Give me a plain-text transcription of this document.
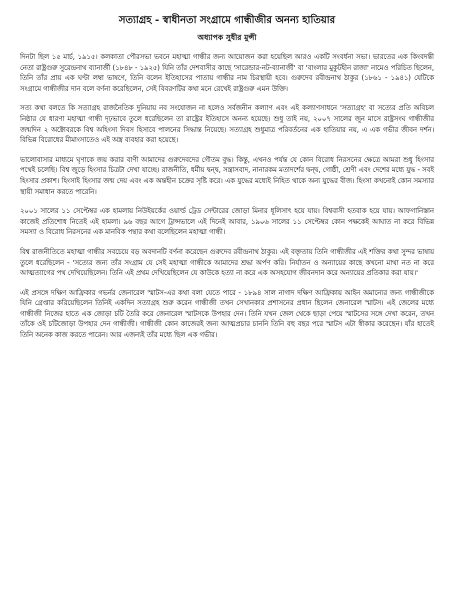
সত্যাগ্রহ - স্বাধীনতা সংগ্রামে গান্ধীজীর অনন্য হাতিয়ার
অধ্যাপক সুধীর মুন্সী

দিনটা ছিল ১৫ মার্চ, ১৯১৫। কলকাতা পৌরসভা ভবনে মহাত্মা গান্ধীর জন্য আয়োজন করা হয়েছিল আরও একটি সংবর্ধনা সভা। ভারতের এক কিংবদন্তী নেতা রাষ্ট্রগুরু সুরেন্দ্রনাথ ব্যানার্জী (১৮৪৮ - ১৯২৫) যিনি তাঁর দেশবাসীর কাছে 'সারেন্ডার-নট-ব্যানার্জী' বা 'বাংলার মুকুটহীন রাজা' নামেও পরিচিত ছিলেন, তিনি তাঁর প্রায় এক ঘণ্টা লম্বা ভাষণে, তিনি বলেন ইতিহাসের পাতায় গান্ধীর নাম চিরস্থায়ী হবে। গুরুদেব রবীন্দ্রনাথ ঠাকুর (১৮৬১ - ১৯৪১) যেটিকে সংগ্রামে গান্ধীজীর দান বলে বর্ণনা করেছিলেন, সেই বিবরণটির কথা মনে রেখেই রাষ্ট্রগুরু এমন উক্তি।

সত্য কথা বলতে কি সত্যাগ্রহ রাজনৈতিক দুনিয়ায় নব সংযোজন না হলেও সর্বজনীন কল্যাণ এবং এই কল্যাণসাধনে 'সত্যাগ্রহ' বা সত্যের প্রতি অবিচল নিষ্ঠার যে ধারণা মহাত্মা গান্ধী দৃঢ়ভাবে তুলে ধরেছিলেন তা রাষ্ট্রের ইতিহাসে অনন্য হয়েছে। শুধু তাই নয়, ২০০৭ সালের জুন মাসে রাষ্ট্রসংঘ গান্ধীজীর জন্মদিন ২ অক্টোবরকে বিশ্ব অহিংসা দিবস হিসাবে পালনের সিদ্ধান্ত নিয়েছে। সত্যাগ্রহ শুধুমাত্র পরিবর্তনের এক হাতিয়ার নয়, এ এক গভীর জীবন দর্শন। বিভিন্ন বিরোধের মীমাংসাতেও এই অস্ত্র ব্যবহার করা হয়েছে।

ভালোবাসার মাধ্যমে ঘৃণাকে জয় করার বাণী আমাদের গুরুদেবদের গৌতম বুদ্ধ। কিন্তু, এখনও পর্যন্ত যে কোন বিরোধ নিরসনের ক্ষেত্রে আমরা শুধু হিংসার পথেই চলেছি। বিশ্ব জুড়ে হিংসার চিত্রটা দেখা যাচ্ছে। রাজনীতি, ধর্মীয় দ্বন্দ্ব, সন্ত্রাসবাদ, নানারকম মতাদর্শের দ্বন্দ্ব, গোষ্ঠী, শ্রেণী এবং দেশের মধ্যে যুদ্ধ - সবই হিংসার প্রকাশ। হিংসাই হিংসার জন্ম দেয় এবং এক অন্তহীন চক্রের সৃষ্টি করে। এক যুদ্ধের মধ্যেই নিহিত থাকে অন্য যুদ্ধের বীজ। হিংসা কখনোই কোন সমস্যার স্থায়ী সমাধান করতে পারেনি।

২০০১ সালের ১১ সেপ্টেম্বর এক হামলায় নিউইয়র্কের ওয়ার্ল্ড ট্রেড সেন্টারের জোড়া মিনার ধূলিসাৎ হয়ে যায়। বিশ্ববাসী হতবাক হয়ে যায়। আফগানিস্তান কাজেই প্রতিশোধ নিতেই এই হামলা। ৯৬ বছর আগে ট্রান্সভালে এই দিনেই আবার, ১৯০৬ সালের ১১ সেপ্টেম্বর কোন পক্ষকেই আঘাত না করে বিভিন্ন সমস্যা ও বিরোধ নিরসনের এক মানবিক পন্থার কথা বলেছিলেন মহাত্মা গান্ধী।

বিশ্ব রাজনীতিতে মহাত্মা গান্ধীর সবচেয়ে বড় অবদানটি বর্ণনা করেছেন গুরুদেব রবীন্দ্রনাথ ঠাকুর। এই বক্তৃতায় তিনি গান্ধীজীর এই শক্তির কথা সুন্দর ভাষায় তুলে ধরেছিলেন - 'সত্যের জন্য তাঁর সংগ্রাম যে সেই মহাত্মা গান্ধীকে আমাদের শ্রদ্ধা অর্পণ করি। নির্যাতন ও অন্যায়ের কাছে কখনো মাথা নত না করে আত্মত্যাগের পথ দেখিয়েছিলেন। তিনি এই প্রথম দেখিয়েছিলেন যে কাউকে হত্যা না করে এক অসহযোগ জীবনদান করে অন্যায়ের প্রতিকার করা যায়।'

এই প্রসঙ্গে দক্ষিণ আফ্রিকার গভর্নর জেনারেল স্মাটস-এর কথা বলা যেতে পারে - ১৮৯৪ সাল নাগাদ দক্ষিণ আফ্রিকায় আইন অমান্যের জন্য গান্ধীজীকে যিনি গ্রেপ্তার করিয়েছিলেন তিনিই একদিন সত্যাগ্রহ শুরু করেন গান্ধীজী তখন সেখানকার প্রশাসনের প্রধান ছিলেন জেনারেল স্মাটস। এই জেলের মধ্যে গান্ধীজী নিজের হাতে এক জোড়া চটি তৈরি করে জেনারেল স্মাটসকে উপহার দেন। তিনি যখন জেল থেকে ছাড়া পেয়ে স্মাটসের সঙ্গে দেখা করেন, তখন তাঁকে ওই চটিজোড়া উপহার দেন গান্ধীজী। গান্ধীজী কোন কাজেরই জন্য আত্মপ্রচার চাননি তিনি বহু বছর পরে স্মাটস এটা স্বীকার করেছেন। যাঁর হাতেই তিনি অনেক কাজ করতে পারেন। আর এজন্যই তাঁর মধ্যে ছিল এক গভীর।
